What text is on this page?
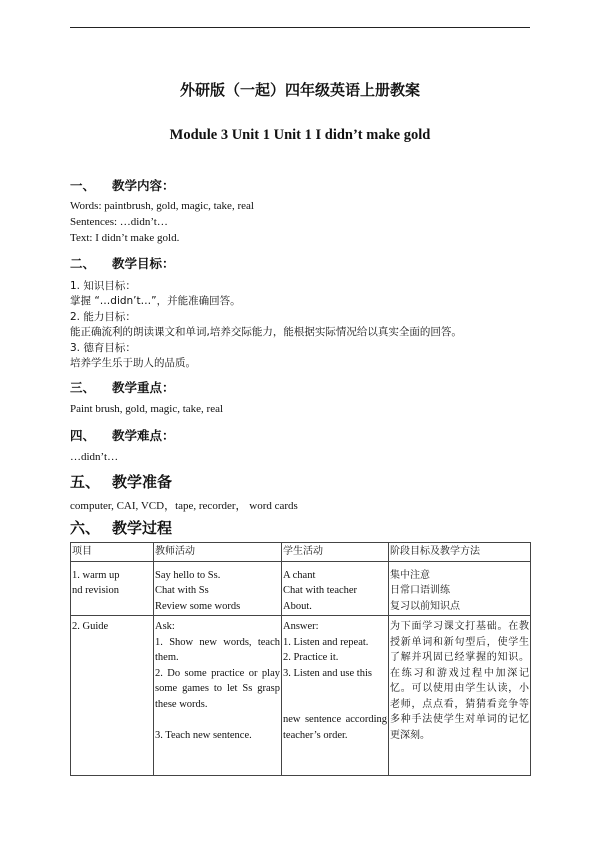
外研版（一起）四年级英语上册教案
Module 3 Unit 1 Unit 1 I didn’t make gold
一、 教学内容：
Words: paintbrush, gold, magic, take, real
Sentences: …didn’t…
Text: I didn’t make gold.
二、 教学目标：
1. 知识目标：
掌握 “…didn’t…”，并能准确回答。
2. 能力目标：
能正确流利的朗读课文和单词,培养交际能力，能根据实际情况给以真实全面的回答。
3. 德育目标：
培养学生乐于助人的品质。
三、 教学重点：
Paint brush, gold, magic, take, real
四、 教学难点：
…didn’t…
五、 教学准备
computer, CAI, VCD，tape, recorder， word cards
六、 教学过程
项目	教师活动	学生活动	阶段目标及教学方法

1. warm up
nd revision	Say hello to Ss.
Chat with Ss
Review some words	A chant
Chat with teacher
About.	集中注意
日常口语训练
复习以前知识点

2. Guide	Ask:
1. Show new words, teach them.
2. Do some practice or play some games to let Ss grasp these words.
3. Teach new sentence.	Answer:
1. Listen and repeat.
2. Practice it.
3. Listen and use this
new sentence according teacher’s order.	为下面学习课文打基础。在教授新单词和新句型后，使学生了解并巩固已经掌握的知识。在练习和游戏过程中加深记忆。可以使用由学生认读，小老师，点点看，猜猜看竞争等多种手法使学生对单词的记忆更深刻。
